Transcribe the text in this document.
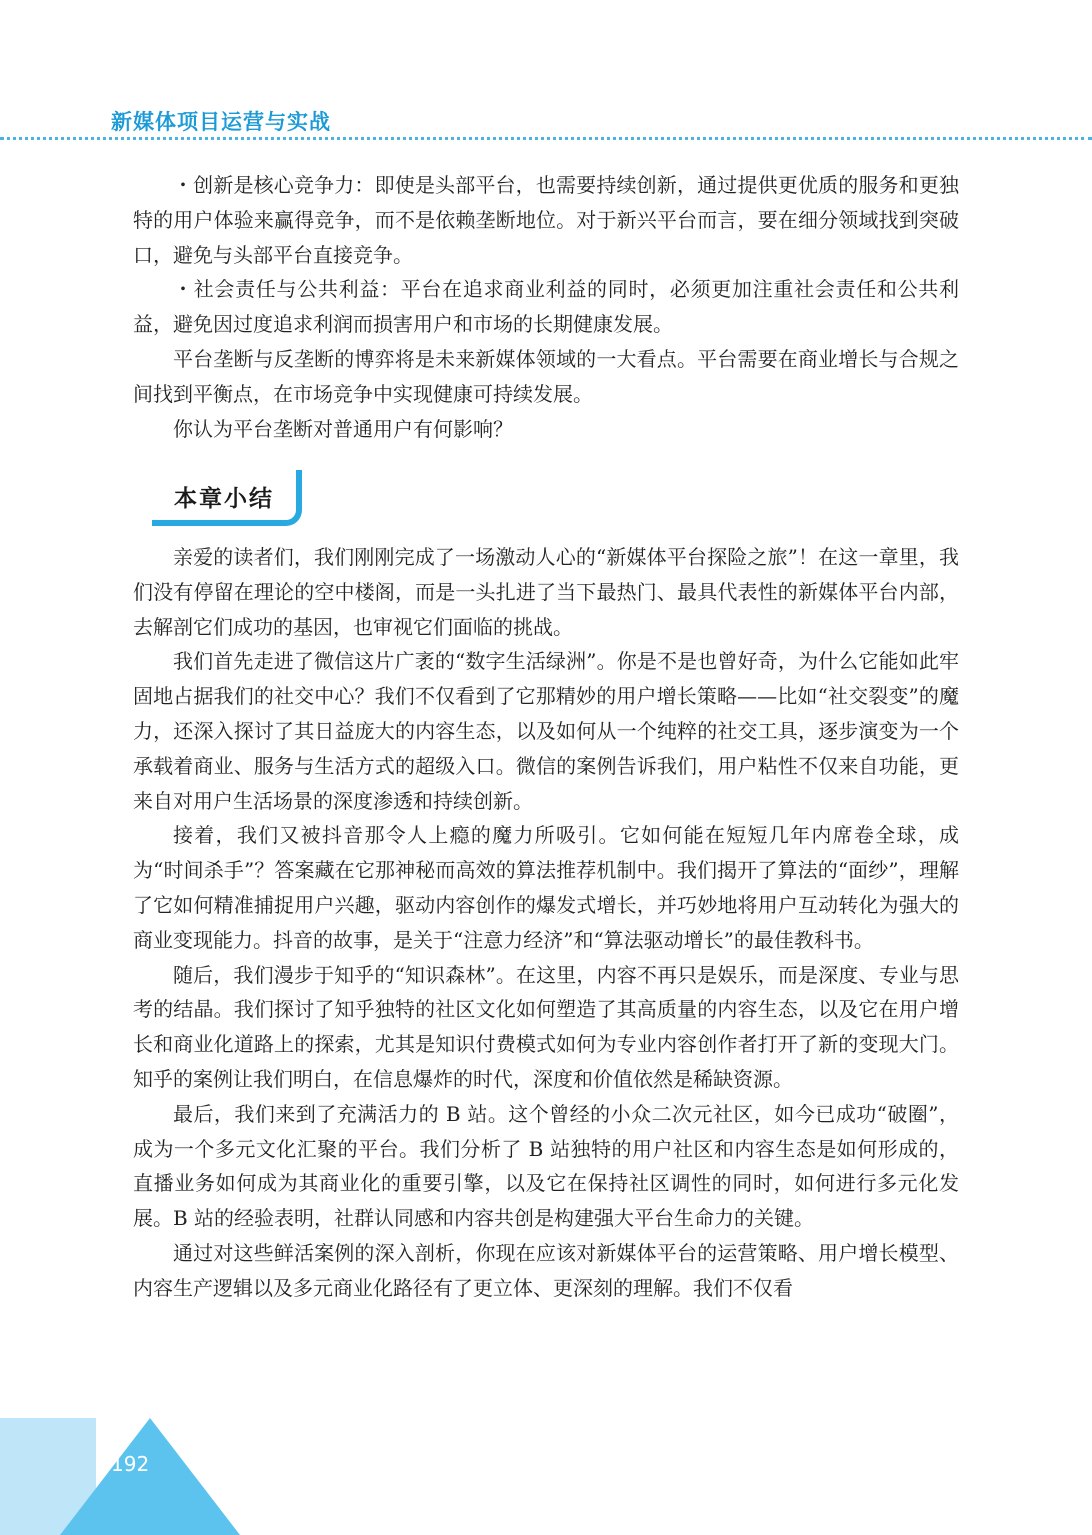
新媒体项目运营与实战

・创新是核心竞争力：即使是头部平台，也需要持续创新，通过提供更优质的服务和更独特的用户体验来赢得竞争，而不是依赖垄断地位。对于新兴平台而言，要在细分领域找到突破口，避免与头部平台直接竞争。

・社会责任与公共利益：平台在追求商业利益的同时，必须更加注重社会责任和公共利益，避免因过度追求利润而损害用户和市场的长期健康发展。

平台垄断与反垄断的博弈将是未来新媒体领域的一大看点。平台需要在商业增长与合规之间找到平衡点，在市场竞争中实现健康可持续发展。

你认为平台垄断对普通用户有何影响？

本章小结

亲爱的读者们，我们刚刚完成了一场激动人心的“新媒体平台探险之旅”！在这一章里，我们没有停留在理论的空中楼阁，而是一头扎进了当下最热门、最具代表性的新媒体平台内部，去解剖它们成功的基因，也审视它们面临的挑战。

我们首先走进了微信这片广袤的“数字生活绿洲”。你是不是也曾好奇，为什么它能如此牢固地占据我们的社交中心？我们不仅看到了它那精妙的用户增长策略——比如“社交裂变”的魔力，还深入探讨了其日益庞大的内容生态，以及如何从一个纯粹的社交工具，逐步演变为一个承载着商业、服务与生活方式的超级入口。微信的案例告诉我们，用户粘性不仅来自功能，更来自对用户生活场景的深度渗透和持续创新。

接着，我们又被抖音那令人上瘾的魔力所吸引。它如何能在短短几年内席卷全球，成为“时间杀手”？答案藏在它那神秘而高效的算法推荐机制中。我们揭开了算法的“面纱”，理解了它如何精准捕捉用户兴趣，驱动内容创作的爆发式增长，并巧妙地将用户互动转化为强大的商业变现能力。抖音的故事，是关于“注意力经济”和“算法驱动增长”的最佳教科书。

随后，我们漫步于知乎的“知识森林”。在这里，内容不再只是娱乐，而是深度、专业与思考的结晶。我们探讨了知乎独特的社区文化如何塑造了其高质量的内容生态，以及它在用户增长和商业化道路上的探索，尤其是知识付费模式如何为专业内容创作者打开了新的变现大门。知乎的案例让我们明白，在信息爆炸的时代，深度和价值依然是稀缺资源。

最后，我们来到了充满活力的 B 站。这个曾经的小众二次元社区，如今已成功“破圈”，成为一个多元文化汇聚的平台。我们分析了 B 站独特的用户社区和内容生态是如何形成的，直播业务如何成为其商业化的重要引擎，以及它在保持社区调性的同时，如何进行多元化发展。B 站的经验表明，社群认同感和内容共创是构建强大平台生命力的关键。

通过对这些鲜活案例的深入剖析，你现在应该对新媒体平台的运营策略、用户增长模型、内容生产逻辑以及多元商业化路径有了更立体、更深刻的理解。我们不仅看

192
